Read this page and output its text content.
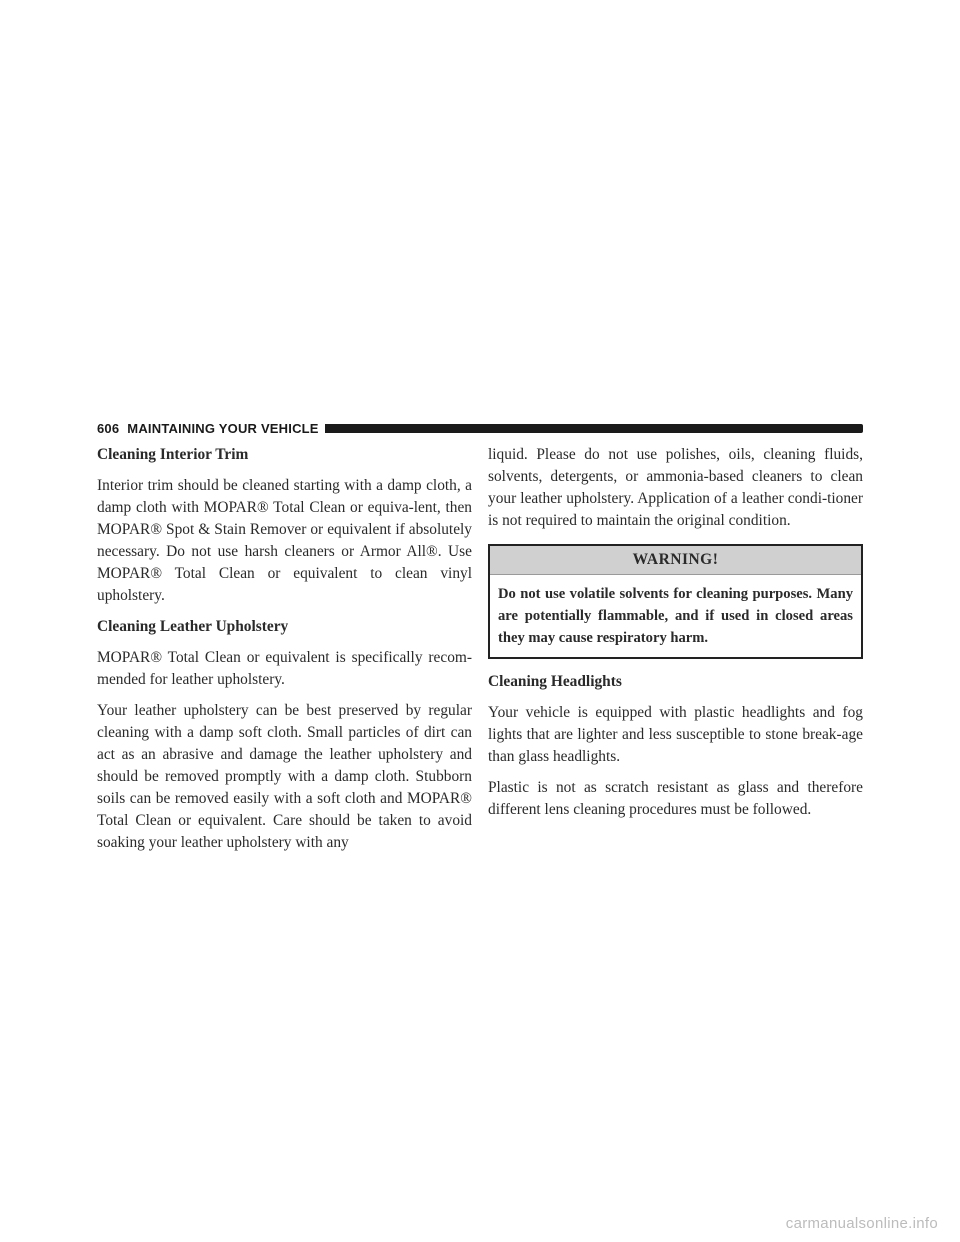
606 MAINTAINING YOUR VEHICLE

Cleaning Interior Trim

Interior trim should be cleaned starting with a damp cloth, a damp cloth with MOPAR® Total Clean or equiva-lent, then MOPAR® Spot & Stain Remover or equivalent if absolutely necessary. Do not use harsh cleaners or Armor All®. Use MOPAR® Total Clean or equivalent to clean vinyl upholstery.

Cleaning Leather Upholstery

MOPAR® Total Clean or equivalent is specifically recom-mended for leather upholstery.

Your leather upholstery can be best preserved by regular cleaning with a damp soft cloth. Small particles of dirt can act as an abrasive and damage the leather upholstery and should be removed promptly with a damp cloth. Stubborn soils can be removed easily with a soft cloth and MOPAR® Total Clean or equivalent. Care should be taken to avoid soaking your leather upholstery with any

liquid. Please do not use polishes, oils, cleaning fluids, solvents, detergents, or ammonia-based cleaners to clean your leather upholstery. Application of a leather condi-tioner is not required to maintain the original condition.

WARNING!
Do not use volatile solvents for cleaning purposes. Many are potentially flammable, and if used in closed areas they may cause respiratory harm.

Cleaning Headlights

Your vehicle is equipped with plastic headlights and fog lights that are lighter and less susceptible to stone break-age than glass headlights.

Plastic is not as scratch resistant as glass and therefore different lens cleaning procedures must be followed.

carmanualsonline.info
